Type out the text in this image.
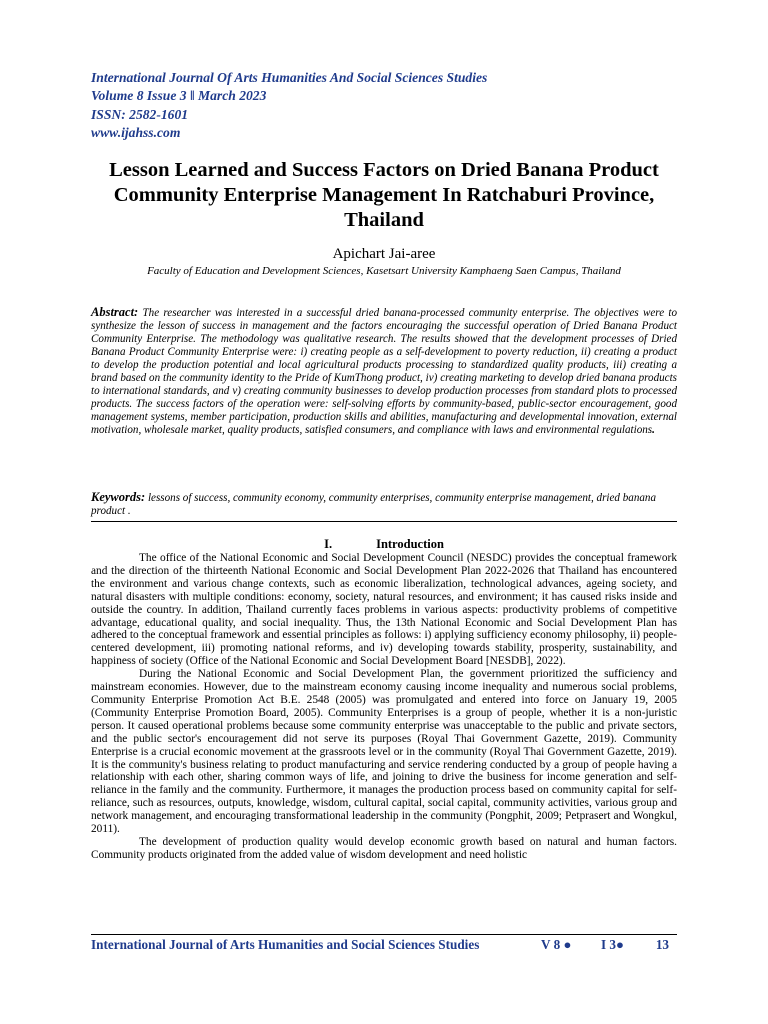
International Journal Of Arts Humanities And Social Sciences Studies
Volume 8 Issue 3 ‖ March 2023
ISSN: 2582-1601
www.ijahss.com
Lesson Learned and Success Factors on Dried Banana Product Community Enterprise Management In Ratchaburi Province, Thailand
Apichart Jai-aree
Faculty of Education and Development Sciences, Kasetsart University Kamphaeng Saen Campus, Thailand

Abstract: The researcher was interested in a successful dried banana-processed community enterprise. The objectives were to synthesize the lesson of success in management and the factors encouraging the successful operation of Dried Banana Product Community Enterprise. The methodology was qualitative research. The results showed that the development processes of Dried Banana Product Community Enterprise were: i) creating people as a self-development to poverty reduction, ii) creating a product to develop the production potential and local agricultural products processing to standardized quality products, iii) creating a brand based on the community identity to the Pride of KumThong product, iv) creating marketing to develop dried banana products to international standards, and v) creating community businesses to develop production processes from standard plots to processed products. The success factors of the operation were: self-solving efforts by community-based, public-sector encouragement, good management systems, member participation, production skills and abilities, manufacturing and developmental innovation, external motivation, wholesale market, quality products, satisfied consumers, and compliance with laws and environmental regulations.

Keywords: lessons of success, community economy, community enterprises, community enterprise management, dried banana product .

I.	Introduction

The office of the National Economic and Social Development Council (NESDC) provides the conceptual framework and the direction of the thirteenth National Economic and Social Development Plan 2022-2026 that Thailand has encountered the environment and various change contexts, such as economic liberalization, technological advances, ageing society, and natural disasters with multiple conditions: economy, society, natural resources, and environment; it has caused risks inside and outside the country. In addition, Thailand currently faces problems in various aspects: productivity problems of competitive advantage, educational quality, and social inequality. Thus, the 13th National Economic and Social Development Plan has adhered to the conceptual framework and essential principles as follows: i) applying sufficiency economy philosophy, ii) people-centered development, iii) promoting national reforms, and iv) developing towards stability, prosperity, sustainability, and happiness of society (Office of the National Economic and Social Development Board [NESDB], 2022).

During the National Economic and Social Development Plan, the government prioritized the sufficiency and mainstream economies. However, due to the mainstream economy causing income inequality and numerous social problems, Community Enterprise Promotion Act B.E. 2548 (2005) was promulgated and entered into force on January 19, 2005 (Community Enterprise Promotion Board, 2005). Community Enterprises is a group of people, whether it is a non-juristic person. It caused operational problems because some community enterprise was unacceptable to the public and private sectors, and the public sector's encouragement did not serve its purposes (Royal Thai Government Gazette, 2019). Community Enterprise is a crucial economic movement at the grassroots level or in the community (Royal Thai Government Gazette, 2019). It is the community's business relating to product manufacturing and service rendering conducted by a group of people having a relationship with each other, sharing common ways of life, and joining to drive the business for income generation and self-reliance in the family and the community. Furthermore, it manages the production process based on community capital for self-reliance, such as resources, outputs, knowledge, wisdom, cultural capital, social capital, community activities, various group and network management, and encouraging transformational leadership in the community (Pongphit, 2009; Petprasert and Wongkul, 2011).

The development of production quality would develop economic growth based on natural and human factors. Community products originated from the added value of wisdom development and need holistic

International Journal of Arts Humanities and Social Sciences Studies	V 8 ● I 3● 13
